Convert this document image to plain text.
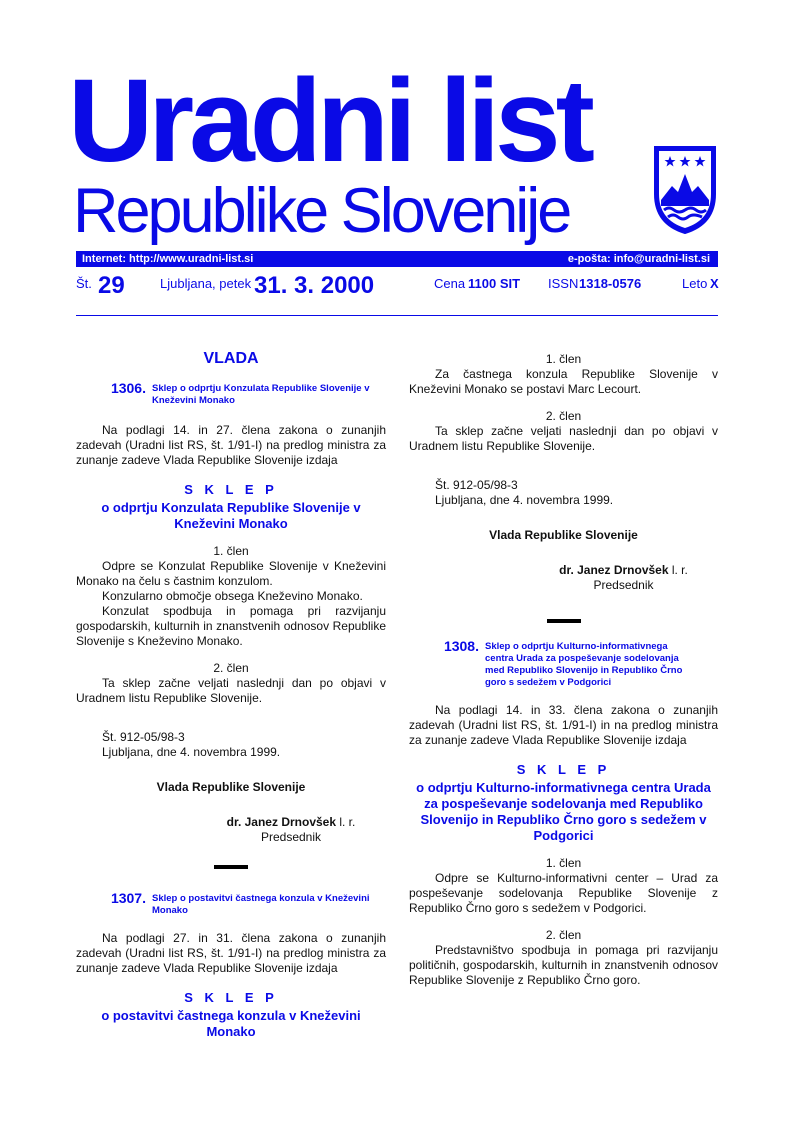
Uradni list
Republike Slovenije
Internet: http://www.uradni-list.si	e-pošta: info@uradni-list.si
Št. 29	Ljubljana, petek 31. 3. 2000	Cena 1100 SIT ISSN 1318-0576	Leto X
VLADA
1306. Sklep o odprtju Konzulata Republike Slovenije v Kneževini Monako

Na podlagi 14. in 27. člena zakona o zunanjih zadevah (Uradni list RS, št. 1/91-I) na predlog ministra za zunanje zadeve Vlada Republike Slovenije izdaja

S K L E P
o odprtju Konzulata Republike Slovenije v Kneževini Monako

1. člen

Odpre se Konzulat Republike Slovenije v Kneževini Monako na čelu s častnim konzulom.

Konzularno območje obsega Kneževino Monako.

Konzulat spodbuja in pomaga pri razvijanju gospodarskih, kulturnih in znanstvenih odnosov Republike Slovenije s Kneževino Monako.

2. člen

Ta sklep začne veljati naslednji dan po objavi v Uradnem listu Republike Slovenije.

Št. 912-05/98-3

Ljubljana, dne 4. novembra 1999.

Vlada Republike Slovenije

dr. Janez Drnovšek l. r.

Predsednik

1307. Sklep o postavitvi častnega konzula v Kneževini Monako

Na podlagi 27. in 31. člena zakona o zunanjih zadevah (Uradni list RS, št. 1/91-I) na predlog ministra za zunanje zadeve Vlada Republike Slovenije izdaja

S K L E P
o postavitvi častnega konzula v Kneževini Monako

1. člen

Za častnega konzula Republike Slovenije v Kneževini Monako se postavi Marc Lecourt.

2. člen

Ta sklep začne veljati naslednji dan po objavi v Uradnem listu Republike Slovenije.

Št. 912-05/98-3

Ljubljana, dne 4. novembra 1999.

Vlada Republike Slovenije

dr. Janez Drnovšek l. r.

Predsednik

1308. Sklep o odprtju Kulturno-informativnega centra Urada za pospeševanje sodelovanja med Republiko Slovenijo in Republiko Črno goro s sedežem v Podgorici

Na podlagi 14. in 33. člena zakona o zunanjih zadevah (Uradni list RS, št. 1/91-I) in na predlog ministra za zunanje zadeve Vlada Republike Slovenije izdaja

S K L E P
o odprtju Kulturno-informativnega centra Urada za pospeševanje sodelovanja med Republiko Slovenijo in Republiko Črno goro s sedežem v Podgorici

1. člen

Odpre se Kulturno-informativni center – Urad za pospeševanje sodelovanja Republike Slovenije z Republiko Črno goro s sedežem v Podgorici.

2. člen

Predstavništvo spodbuja in pomaga pri razvijanju političnih, gospodarskih, kulturnih in znanstvenih odnosov Republike Slovenije z Republiko Črno goro.
